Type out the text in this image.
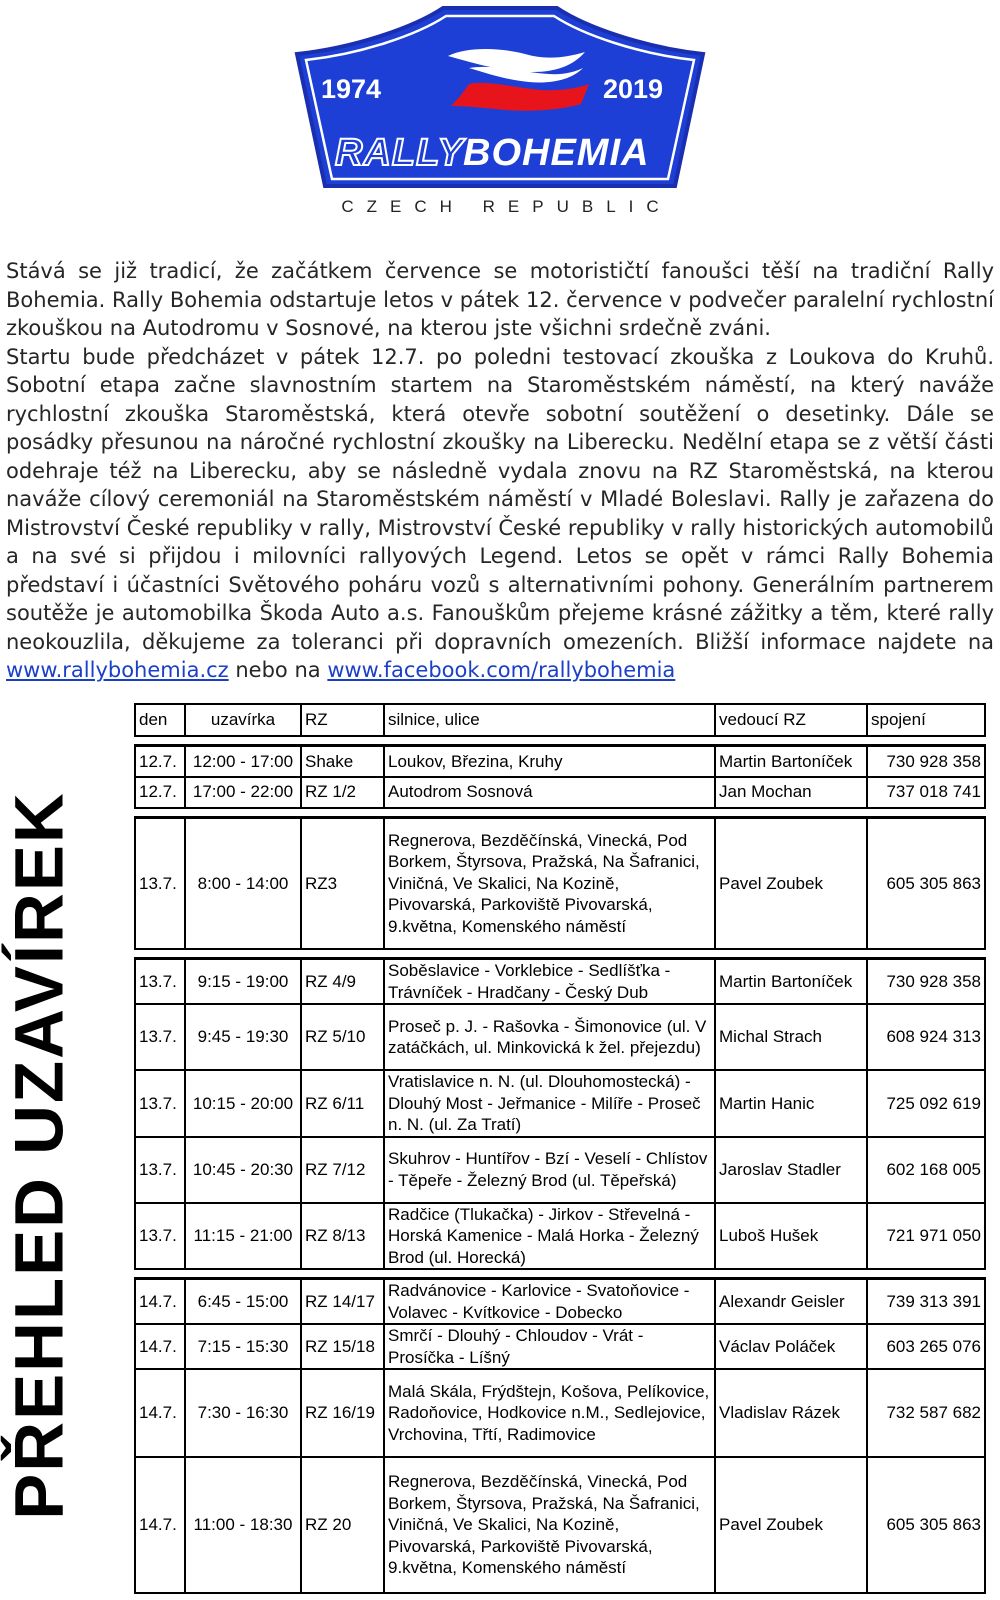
1974	2019
RALLY BOHEMIA
CZECH REPUBLIC

Stává se již tradicí, že začátkem července se motorističtí fanoušci těší na tradiční Rally Bohemia. Rally Bohemia odstartuje letos v pátek 12. července v podvečer paralelní rychlostní zkouškou na Autodromu v Sosnové, na kterou jste všichni srdečně zváni.

Startu bude předcházet v pátek 12.7. po poledni testovací zkouška z Loukova do Kruhů. Sobotní etapa začne slavnostním startem na Staroměstském náměstí, na který naváže rychlostní zkouška Staroměstská, která otevře sobotní soutěžení o desetinky. Dále se posádky přesunou na náročné rychlostní zkoušky na Liberecku. Nedělní etapa se z větší části odehraje též na Liberecku, aby se následně vydala znovu na RZ Staroměstská, na kterou naváže cílový ceremoniál na Staroměstském náměstí v Mladé Boleslavi. Rally je zařazena do Mistrovství České republiky v rally, Mistrovství České republiky v rally historických automobilů a na své si přijdou i milovníci rallyových Legend. Letos se opět v rámci Rally Bohemia představí i účastníci Světového poháru vozů s alternativními pohony. Generálním partnerem soutěže je automobilka Škoda Auto a.s. Fanouškům přejeme krásné zážitky a těm, které rally neokouzlila, děkujeme za toleranci při dopravních omezeních. Bližší informace najdete na www.rallybohemia.cz nebo na www.facebook.com/rallybohemia

PŘEHLED UZAVÍREK
den	uzavírka	RZ	silnice, ulice	vedoucí RZ	spojení

12.7.	12:00 - 17:00	Shake	Loukov, Březina, Kruhy	Martin Bartoníček	730 928 358
12.7.	17:00 - 22:00	RZ 1/2	Autodrom Sosnová	Jan Mochan	737 018 741

13.7.	8:00 - 14:00	RZ3	Regnerova, Bezděčínská, Vinecká, Pod Borkem, Štyrsova, Pražská, Na Šafranici, Viničná, Ve Skalici, Na Kozině, Pivovarská, Parkoviště Pivovarská, 9.května, Komenského náměstí	Pavel Zoubek	605 305 863

13.7.	9:15 - 19:00	RZ 4/9	Soběslavice - Vorklebice - Sedlíšťka - Trávníček - Hradčany - Český Dub	Martin Bartoníček	730 928 358
13.7.	9:45 - 19:30	RZ 5/10	Proseč p. J. - Rašovka - Šimonovice (ul. V zatáčkách, ul. Minkovická k žel. přejezdu)	Michal Strach	608 924 313
13.7.	10:15 - 20:00	RZ 6/11	Vratislavice n. N. (ul. Dlouhomostecká) - Dlouhý Most - Jeřmanice - Milíře - Proseč n. N. (ul. Za Tratí)	Martin Hanic	725 092 619
13.7.	10:45 - 20:30	RZ 7/12	Skuhrov - Huntířov - Bzí - Veselí - Chlístov - Těpeře - Železný Brod (ul. Těpeřská)	Jaroslav Stadler	602 168 005
13.7.	11:15 - 21:00	RZ 8/13	Radčice (Tlukačka) - Jirkov - Střevelná - Horská Kamenice - Malá Horka - Železný Brod (ul. Horecká)	Luboš Hušek	721 971 050

14.7.	6:45 - 15:00	RZ 14/17	Radvánovice - Karlovice - Svatoňovice - Volavec - Kvítkovice - Dobecko	Alexandr Geisler	739 313 391
14.7.	7:15 - 15:30	RZ 15/18	Smrčí - Dlouhý - Chloudov - Vrát - Prosíčka - Líšný	Václav Poláček	603 265 076
14.7.	7:30 - 16:30	RZ 16/19	Malá Skála, Frýdštejn, Košova, Pelíkovice, Radoňovice, Hodkovice n.M., Sedlejovice, Vrchovina, Třtí, Radimovice	Vladislav Rázek	732 587 682
14.7.	11:00 - 18:30	RZ 20	Regnerova, Bezděčínská, Vinecká, Pod Borkem, Štyrsova, Pražská, Na Šafranici, Viničná, Ve Skalici, Na Kozině, Pivovarská, Parkoviště Pivovarská, 9.května, Komenského náměstí	Pavel Zoubek	605 305 863
